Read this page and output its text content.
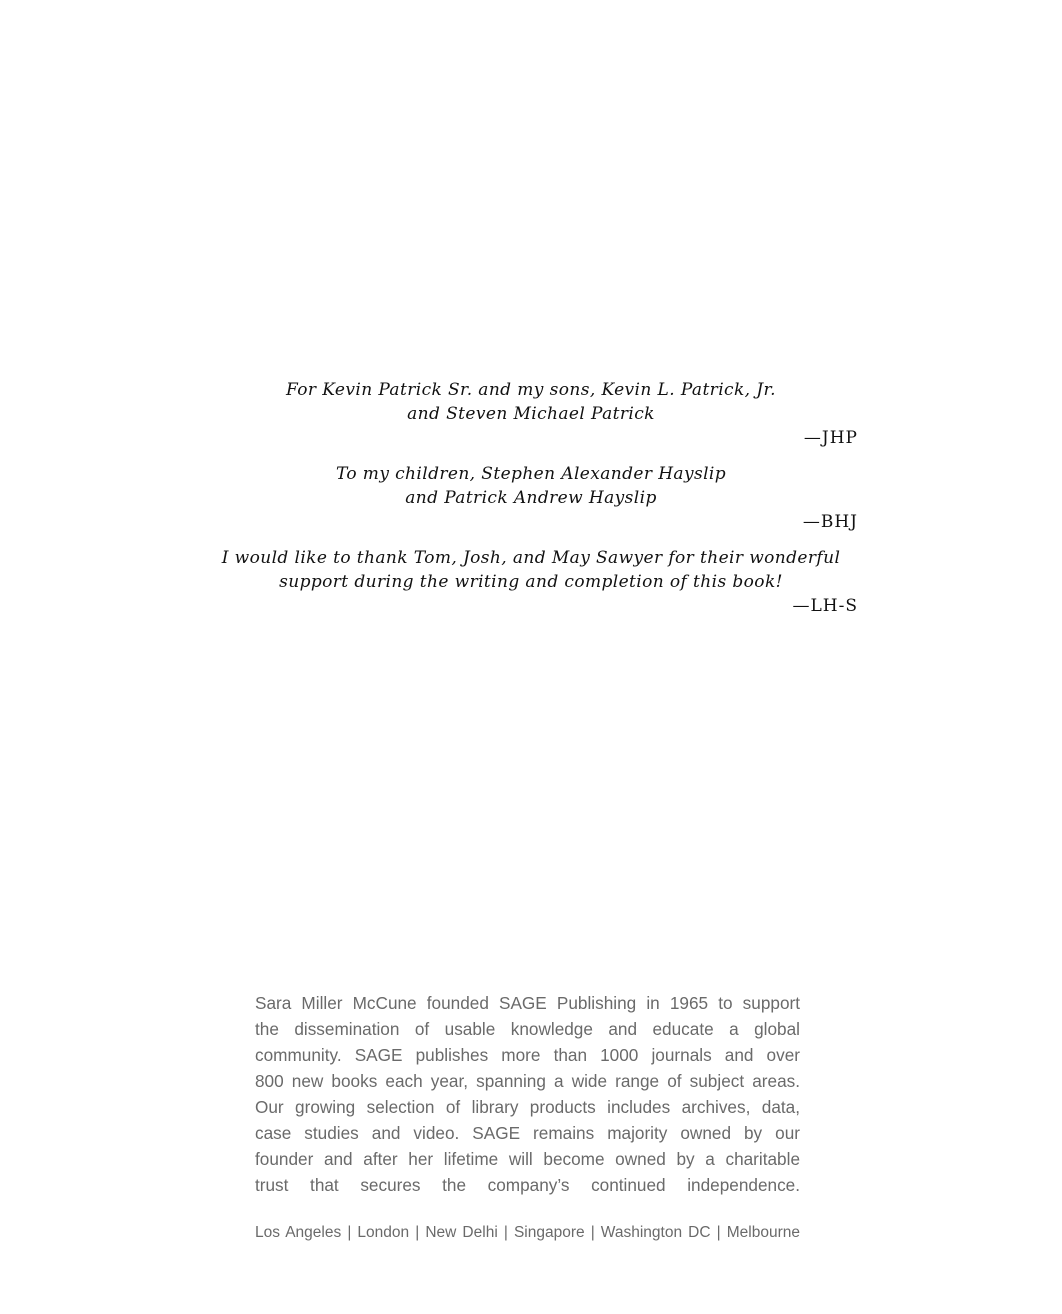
For Kevin Patrick Sr. and my sons, Kevin L. Patrick, Jr.
and Steven Michael Patrick
—JHP
To my children, Stephen Alexander Hayslip
and Patrick Andrew Hayslip
—BHJ
I would like to thank Tom, Josh, and May Sawyer for their wonderful
support during the writing and completion of this book!
—LH-S
Sara Miller McCune founded SAGE Publishing in 1965 to support
the dissemination of usable knowledge and educate a global
community. SAGE publishes more than 1000 journals and over
800 new books each year, spanning a wide range of subject areas.
Our growing selection of library products includes archives, data,
case studies and video. SAGE remains majority owned by our
founder and after her lifetime will become owned by a charitable
trust that secures the company’s continued independence.
Los Angeles | London | New Delhi | Singapore | Washington DC | Melbourne
